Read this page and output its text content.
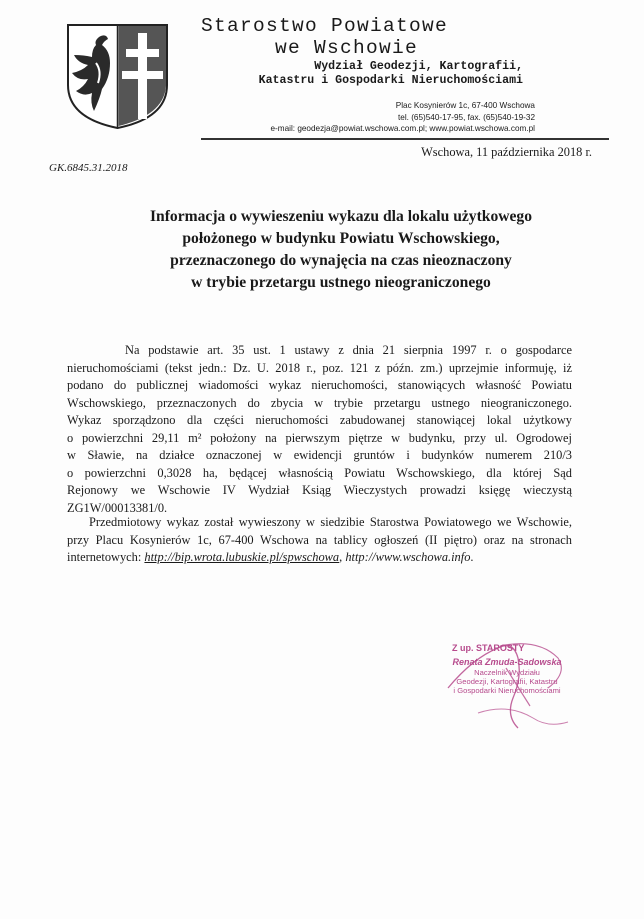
Starostwo Powiatowe
we Wschowie
Wydział Geodezji, Kartografii,
Katastru i Gospodarki Nieruchomościami
Plac Kosynierów 1c, 67-400 Wschowa
tel. (65)540-17-95, fax. (65)540-19-32
e-mail: geodezja@powiat.wschowa.com.pl; www.powiat.wschowa.com.pl
Wschowa, 11 października 2018 r.
GK.6845.31.2018
Informacja o wywieszeniu wykazu dla lokalu użytkowego
położonego w budynku Powiatu Wschowskiego,
przeznaczonego do wynajęcia na czas nieoznaczony
w trybie przetargu ustnego nieograniczonego
Na podstawie art. 35 ust. 1 ustawy z dnia 21 sierpnia 1997 r. o gospodarce
nieruchomościami (tekst jedn.: Dz. U. 2018 r., poz. 121 z późn. zm.) uprzejmie informuję, iż
podano do publicznej wiadomości wykaz nieruchomości, stanowiących własność Powiatu
Wschowskiego, przeznaczonych do zbycia w trybie przetargu ustnego nieograniczonego.
Wykaz sporządzono dla części nieruchomości zabudowanej stanowiącej lokal użytkowy
o powierzchni 29,11 m² położony na pierwszym piętrze w budynku, przy ul. Ogrodowej
w Sławie, na działce oznaczonej w ewidencji gruntów i budynków numerem 210/3
o powierzchni 0,3028 ha, będącej własnością Powiatu Wschowskiego, dla której Sąd
Rejonowy we Wschowie IV Wydział Ksiąg Wieczystych prowadzi księgę wieczystą
ZG1W/00013381/0.
Przedmiotowy wykaz został wywieszony w siedzibie Starostwa Powiatowego we Wschowie,
przy Placu Kosynierów 1c, 67-400 Wschowa na tablicy ogłoszeń (II piętro) oraz na stronach
internetowych: http://bip.wrota.lubuskie.pl/spwschowa, http://www.wschowa.info.
Z up. STAROSTY
Renata Zmuda-Sadowska
Naczelnik Wydziału
Geodezji, Kartografii, Katastru
i Gospodarki Nieruchomościami
